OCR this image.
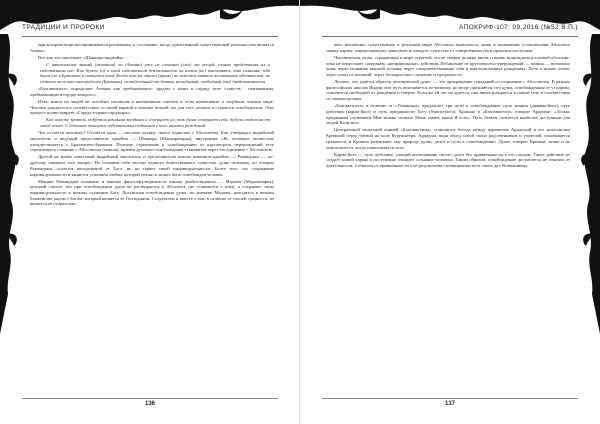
ТРАДИЦИИ И ПРОРОКИ

при котором вещи воспринимаются реальными, к состоянию, когда единственной существующей реальностью является Атман».

Вот как это описывает «Шанкара-виджайя»:

С накоплением знаний (незнания) он (Атман) уже не слышит (сам) от вещей, словно представляя их в собственном сне. Как будто (и) в моей собственной деятельности он ничем (не) тяготится, так сознание, ибо душа его в Брахмане и покоится там. Когда нет ни одного (кроме) не имеется никаких постоянных обозначений, не сознает тот кто отгородился (Брахман), неотделённый от бытия, нелюдимый, свободный (от) двойственности.

«Бхагаватгита» определяет Атмана как пребывающего «рядом с нами к сердцу всех существ… неизменным, пребывающим в сердце каждого».

Итак, никто из людей не погибает насовсем и неизменным считаем в этом изменчивом и скорбном земном мире. Человек рождается в соответствии со своей кармой в течение вечной, но для того должен и старается освободиться. Этот процесс иллюстрирует «Гаруда-пурана-сародхара»:

Как вместе зритель любуется ночными звездами и созерцает их, так душа созерцает себя, будучи отделена от своей земли. С детства пользуясь собственным созданием у кого тысячи рождений.

Что остаётся человеку? Остаётся одно — постичь истину своего единства с Абсолютом. Как утверждал индийский мыслитель и ведущий представитель адвайты — Шанкара (Шанкарачарья), внутреннее «Я» человека полностью отождествляется с Брахманом-Атманом. Поэтому стремление к освобождению от круговорота перерождений есть стремление к слиянию с Абсолютом (мокша), причём духовное освобождение становится через это единение с Абсолютом.

Другой не менее известный индийский мыслитель и представитель школы вишишта-адвайты — Рамануджа — по-другому понимал этот вопрос. Не сознавая себя частью единого божественного существа, душа человека, по учению Рамануджи, остается неотделимой от Бога, но не теряет своей индивидуальности. Более того, это сохранение индивидуальности и является условием любви, которой только и может быть освобожден человек.

Мнение Рамануджи основано и мнение философа-ведантиста школы двайта-веданты — Мадхвы (Мадхвачарья), который считал, что при освобождении душа не растворяется в Абсолюте (не становится с ним), а сохраняет свою индивидуальность в вечном служении Богу. Достигшая освобождения душа, по мнению Мадхвы, находится в вечном блаженстве рядом с Богом, который является её Господином, Создателем и вместе с тем, в отличие от слепой сущности, не является её сущностью.

136
АПОКРИФ-107: 09.2016 (№52 В.П.)

него неизменно существенное в реальном мире Абсолюта включалось лишь в понимании установления Абсолюта закону кармы, определяющему зависимость каждого существа от совершённых им в прошлом поступков.

Человеческая душа, страдающая в мире страстей, после смерти должна вновь и вновь возрождаться в новой оболочке, пока не перестанет совершать «неправильные» действия. Избавление от круговорота перерождений — мокша — возможно лишь через познание высшей истины, через совершенствование себя в многочисленных рождениях. Путь к мокше лежит через отказ от желаний, через бескорыстное служение и преданность.

Лучшее, что удаётся обрести человеческой душе, — это прекращение страданий и соединение с Абсолютом. В разных философских школах Индии этот путь описывается по-разному, но везде признаётся, что душа, освобождённая от уз кармы, становится свободной от рождения и смерти. Если же ей это не удаётся, она вновь рождается в новом теле в соответствии со своими делами.

«Бхагаватгита» в отличие от «Упанишад» предлагает три пути к освобождению: путь знания (джняна-йога), путь действия (карма-йога) и путь преданности Богу (бхакти-йога). Кришна в «Бхагаватгите» говорит Арджуне: «Только преданным служением Мне можно познать Меня таким, каков Я есть». Путь бхакти считается наиболее доступным для людей Кали-юги.

Центральной сюжетной линией «Бхагаватгиты» становится беседа между царевичем Арджуной и его колесничим Кришной перед битвой на поле Курукшетра. Арджуна, видя перед собой своих родственников и учителей, отказывается сражаться, и Кришна разъясняет ему природу души, долга и пути к освобождению. Душа, говорит Кришна, вечна и не уничтожается, когда уничтожается тело.

Карма-йога — путь действия, учащий выполнению своего долга без привязанности к его плодам. Такое действие не создаёт новой кармы и постепенно очищает сознание человека. Таким образом, освобождение достигается не отказом от деятельности, а отказом от привязанности к её результатам, посвящением всех своих дел Всевышнему.

137
